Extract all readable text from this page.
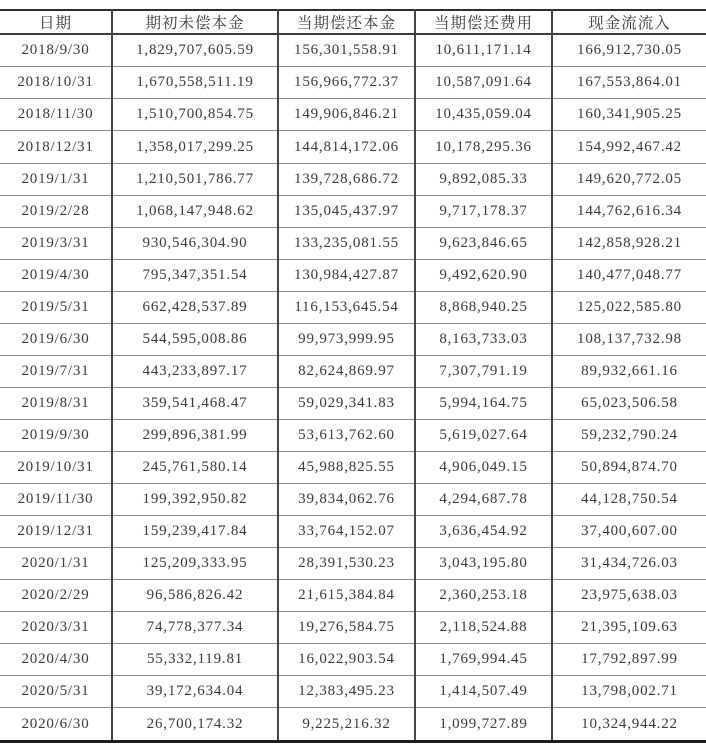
日期	期初未偿本金	当期偿还本金	当期偿还费用	现金流流入
2018/9/30	1,829,707,605.59	156,301,558.91	10,611,171.14	166,912,730.05
2018/10/31	1,670,558,511.19	156,966,772.37	10,587,091.64	167,553,864.01
2018/11/30	1,510,700,854.75	149,906,846.21	10,435,059.04	160,341,905.25
2018/12/31	1,358,017,299.25	144,814,172.06	10,178,295.36	154,992,467.42
2019/1/31	1,210,501,786.77	139,728,686.72	9,892,085.33	149,620,772.05
2019/2/28	1,068,147,948.62	135,045,437.97	9,717,178.37	144,762,616.34
2019/3/31	930,546,304.90	133,235,081.55	9,623,846.65	142,858,928.21
2019/4/30	795,347,351.54	130,984,427.87	9,492,620.90	140,477,048.77
2019/5/31	662,428,537.89	116,153,645.54	8,868,940.25	125,022,585.80
2019/6/30	544,595,008.86	99,973,999.95	8,163,733.03	108,137,732.98
2019/7/31	443,233,897.17	82,624,869.97	7,307,791.19	89,932,661.16
2019/8/31	359,541,468.47	59,029,341.83	5,994,164.75	65,023,506.58
2019/9/30	299,896,381.99	53,613,762.60	5,619,027.64	59,232,790.24
2019/10/31	245,761,580.14	45,988,825.55	4,906,049.15	50,894,874.70
2019/11/30	199,392,950.82	39,834,062.76	4,294,687.78	44,128,750.54
2019/12/31	159,239,417.84	33,764,152.07	3,636,454.92	37,400,607.00
2020/1/31	125,209,333.95	28,391,530.23	3,043,195.80	31,434,726.03
2020/2/29	96,586,826.42	21,615,384.84	2,360,253.18	23,975,638.03
2020/3/31	74,778,377.34	19,276,584.75	2,118,524.88	21,395,109.63
2020/4/30	55,332,119.81	16,022,903.54	1,769,994.45	17,792,897.99
2020/5/31	39,172,634.04	12,383,495.23	1,414,507.49	13,798,002.71
2020/6/30	26,700,174.32	9,225,216.32	1,099,727.89	10,324,944.22
